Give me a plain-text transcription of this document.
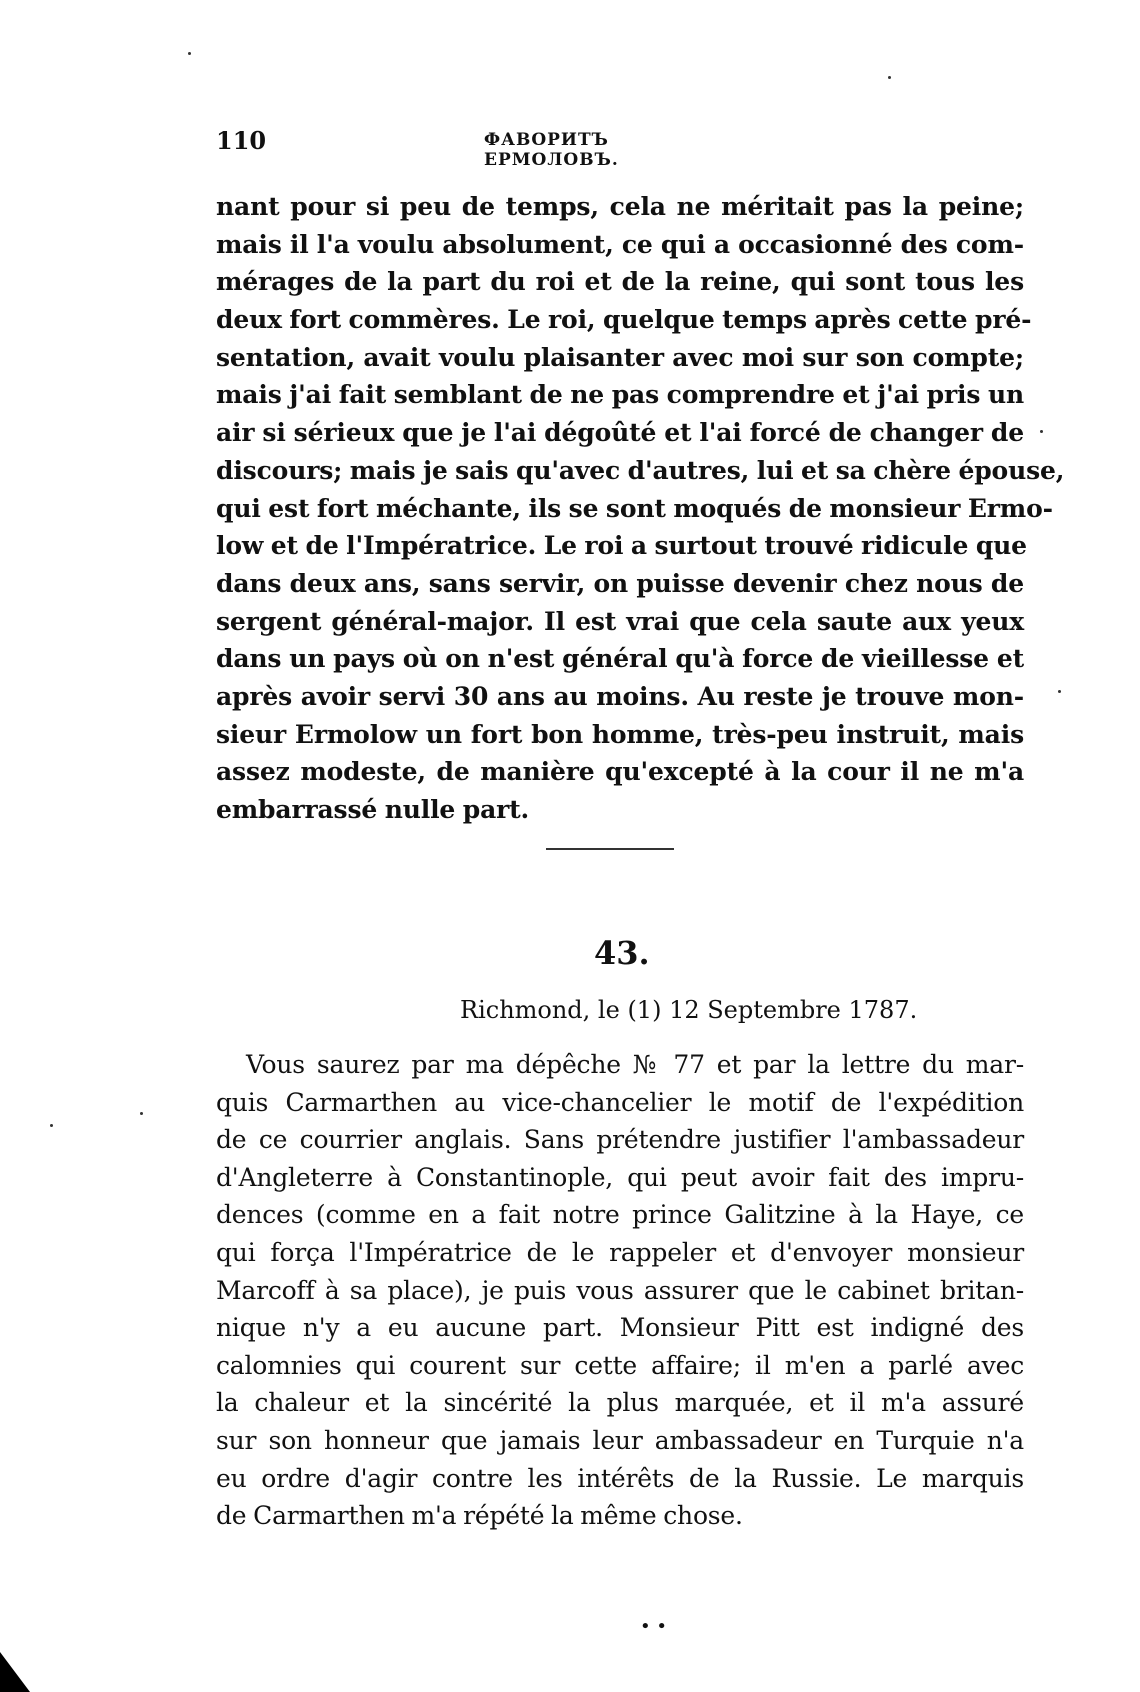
110	ФАВОРИТЪ ЕРМОЛОВЪ.
nant pour si peu de temps, cela ne méritait pas la peine;
mais il l'a voulu absolument, ce qui a occasionné des com-
mérages de la part du roi et de la reine, qui sont tous les
deux fort commères. Le roi, quelque temps après cette pré-
sentation, avait voulu plaisanter avec moi sur son compte;
mais j'ai fait semblant de ne pas comprendre et j'ai pris un
air si sérieux que je l'ai dégoûté et l'ai forcé de changer de
discours; mais je sais qu'avec d'autres, lui et sa chère épouse,
qui est fort méchante, ils se sont moqués de monsieur Ermo-
low et de l'Impératrice. Le roi a surtout trouvé ridicule que
dans deux ans, sans servir, on puisse devenir chez nous de
sergent général-major. Il est vrai que cela saute aux yeux
dans un pays où on n'est général qu'à force de vieillesse et
après avoir servi 30 ans au moins. Au reste je trouve mon-
sieur Ermolow un fort bon homme, très-peu instruit, mais
assez modeste, de manière qu'excepté à la cour il ne m'a
embarrassé nulle part.
43.
Richmond, le (1) 12 Septembre 1787.
Vous saurez par ma dépêche № 77 et par la lettre du mar-
quis Carmarthen au vice-chancelier le motif de l'expédition
de ce courrier anglais. Sans prétendre justifier l'ambassadeur
d'Angleterre à Constantinople, qui peut avoir fait des impru-
dences (comme en a fait notre prince Galitzine à la Haye, ce
qui força l'Impératrice de le rappeler et d'envoyer monsieur
Marcoff à sa place), je puis vous assurer que le cabinet britan-
nique n'y a eu aucune part. Monsieur Pitt est indigné des
calomnies qui courent sur cette affaire; il m'en a parlé avec
la chaleur et la sincérité la plus marquée, et il m'a assuré
sur son honneur que jamais leur ambassadeur en Turquie n'a
eu ordre d'agir contre les intérêts de la Russie. Le marquis
de Carmarthen m'a répété la même chose.
• •
